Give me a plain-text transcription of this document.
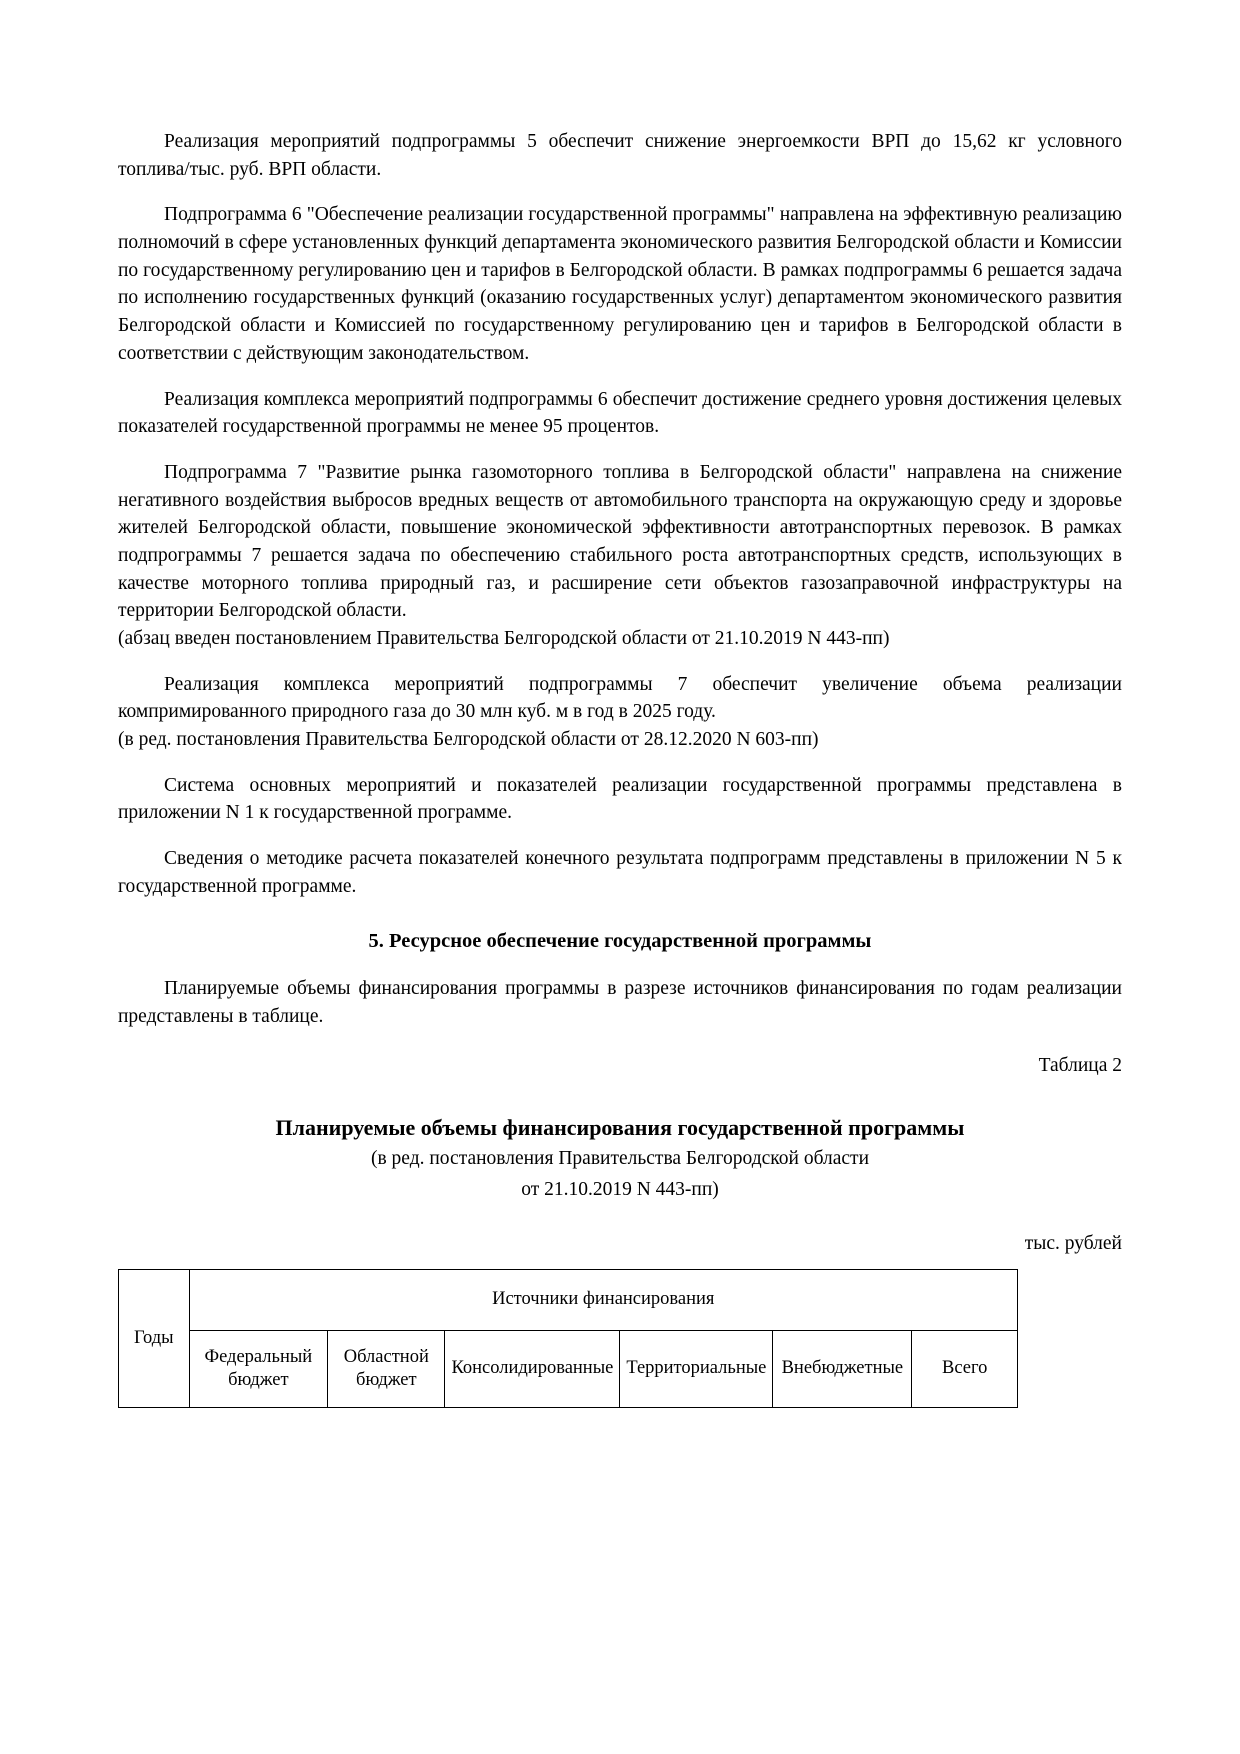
Реализация мероприятий подпрограммы 5 обеспечит снижение энергоемкости ВРП до 15,62 кг условного топлива/тыс. руб. ВРП области.

Подпрограмма 6 "Обеспечение реализации государственной программы" направлена на эффективную реализацию полномочий в сфере установленных функций департамента экономического развития Белгородской области и Комиссии по государственному регулированию цен и тарифов в Белгородской области. В рамках подпрограммы 6 решается задача по исполнению государственных функций (оказанию государственных услуг) департаментом экономического развития Белгородской области и Комиссией по государственному регулированию цен и тарифов в Белгородской области в соответствии с действующим законодательством.

Реализация комплекса мероприятий подпрограммы 6 обеспечит достижение среднего уровня достижения целевых показателей государственной программы не менее 95 процентов.

Подпрограмма 7 "Развитие рынка газомоторного топлива в Белгородской области" направлена на снижение негативного воздействия выбросов вредных веществ от автомобильного транспорта на окружающую среду и здоровье жителей Белгородской области, повышение экономической эффективности автотранспортных перевозок. В рамках подпрограммы 7 решается задача по обеспечению стабильного роста автотранспортных средств, использующих в качестве моторного топлива природный газ, и расширение сети объектов газозаправочной инфраструктуры на территории Белгородской области.

(абзац введен постановлением Правительства Белгородской области от 21.10.2019 N 443-пп)

Реализация комплекса мероприятий подпрограммы 7 обеспечит увеличение объема реализации компримированного природного газа до 30 млн куб. м в год в 2025 году.

(в ред. постановления Правительства Белгородской области от 28.12.2020 N 603-пп)

Система основных мероприятий и показателей реализации государственной программы представлена в приложении N 1 к государственной программе.

Сведения о методике расчета показателей конечного результата подпрограмм представлены в приложении N 5 к государственной программе.

5. Ресурсное обеспечение государственной программы

Планируемые объемы финансирования программы в разрезе источников финансирования по годам реализации представлены в таблице.

Таблица 2

Планируемые объемы финансирования государственной программы
(в ред. постановления Правительства Белгородской области
от 21.10.2019 N 443-пп)
тыс. рублей
Годы	Источники финансирования					
	Федеральный бюджет	Областной бюджет	Консолидированные	Территориальные	Внебюджетные	Всего
